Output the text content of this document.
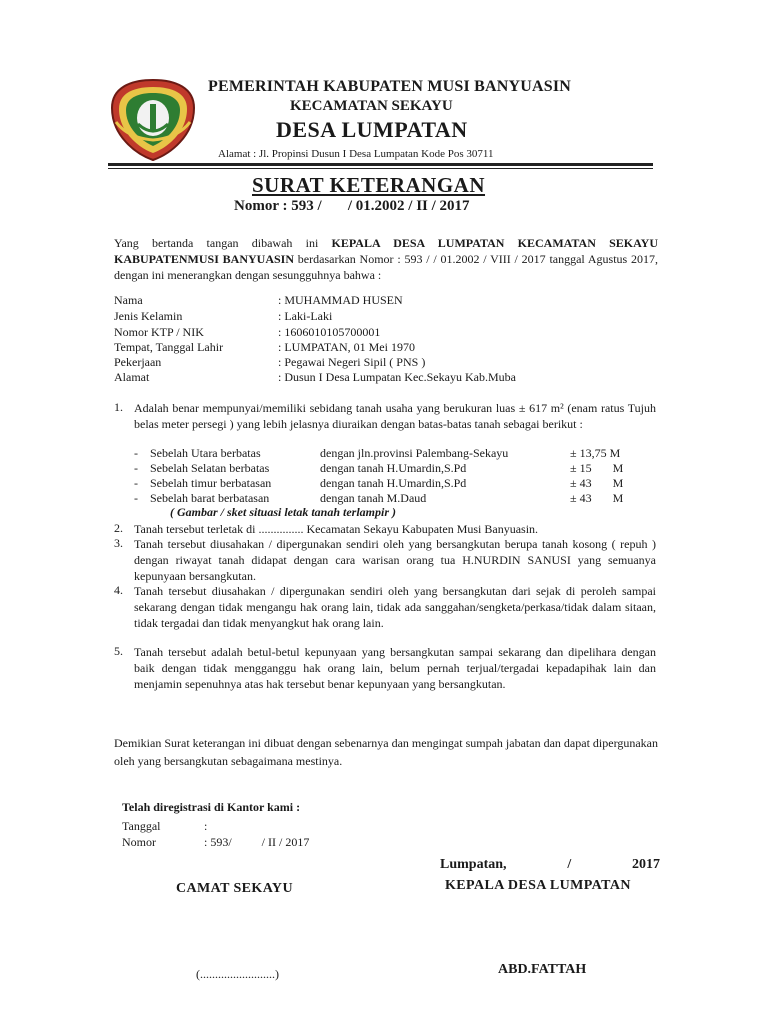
PEMERINTAH KABUPATEN MUSI BANYUASIN
KECAMATAN SEKAYU
DESA LUMPATAN
Alamat : Jl. Propinsi Dusun I Desa Lumpatan Kode Pos 30711
SURAT KETERANGAN
Nomor : 593 /       / 01.2002 / II / 2017
Yang bertanda tangan dibawah ini KEPALA DESA LUMPATAN KECAMATAN SEKAYU KABUPATENMUSI BANYUASIN berdasarkan Nomor : 593 / / 01.2002 / VIII / 2017 tanggal Agustus 2017, dengan ini menerangkan dengan sesungguhnya bahwa :
Nama	: MUHAMMAD HUSEN
Jenis Kelamin	: Laki-Laki
Nomor KTP / NIK	: 1606010105700001
Tempat, Tanggal Lahir	: LUMPATAN, 01 Mei 1970
Pekerjaan	: Pegawai Negeri Sipil ( PNS )
Alamat	: Dusun I Desa Lumpatan Kec.Sekayu Kab.Muba
1. Adalah benar mempunyai/memiliki sebidang tanah usaha yang berukuran luas ± 617 m² (enam ratus Tujuh belas meter persegi ) yang lebih jelasnya diuraikan dengan batas-batas tanah sebagai berikut :
- Sebelah Utara berbatas	dengan jln.provinsi Palembang-Sekayu	± 13,75 M
- Sebelah Selatan berbatas	dengan tanah H.Umardin,S.Pd	± 15       M
- Sebelah timur berbatasan	dengan tanah H.Umardin,S.Pd	± 43       M
- Sebelah barat berbatasan	dengan tanah M.Daud	± 43       M
( Gambar / sket situasi letak tanah terlampir )
2. Tanah tersebut terletak di ............... Kecamatan Sekayu Kabupaten Musi Banyuasin.
3. Tanah tersebut diusahakan / dipergunakan sendiri oleh yang bersangkutan berupa tanah kosong ( repuh ) dengan riwayat tanah didapat dengan cara warisan orang tua H.NURDIN SANUSI yang semuanya kepunyaan bersangkutan.
4. Tanah tersebut diusahakan / dipergunakan sendiri oleh yang bersangkutan dari sejak di peroleh sampai sekarang dengan tidak mengangu hak orang lain, tidak ada sanggahan/sengketa/perkasa/tidak dalam sitaan, tidak tergadai dan tidak menyangkut hak orang lain.
5. Tanah tersebut adalah betul-betul kepunyaan yang bersangkutan sampai sekarang dan dipelihara dengan baik dengan tidak mengganggu hak orang lain, belum pernah terjual/tergadai kepadapihak lain dan menjamin sepenuhnya atas hak tersebut benar kepunyaan yang bersangkutan.
Demikian Surat keterangan ini dibuat dengan sebenarnya dan mengingat sumpah jabatan dan dapat dipergunakan oleh yang bersangkutan sebagaimana mestinya.
Telah diregistrasi di Kantor kami :
Tanggal	:
Nomor	: 593/          / II / 2017
Lumpatan,	/	2017
KEPALA DESA LUMPATAN
CAMAT SEKAYU
(.........................)	ABD.FATTAH
